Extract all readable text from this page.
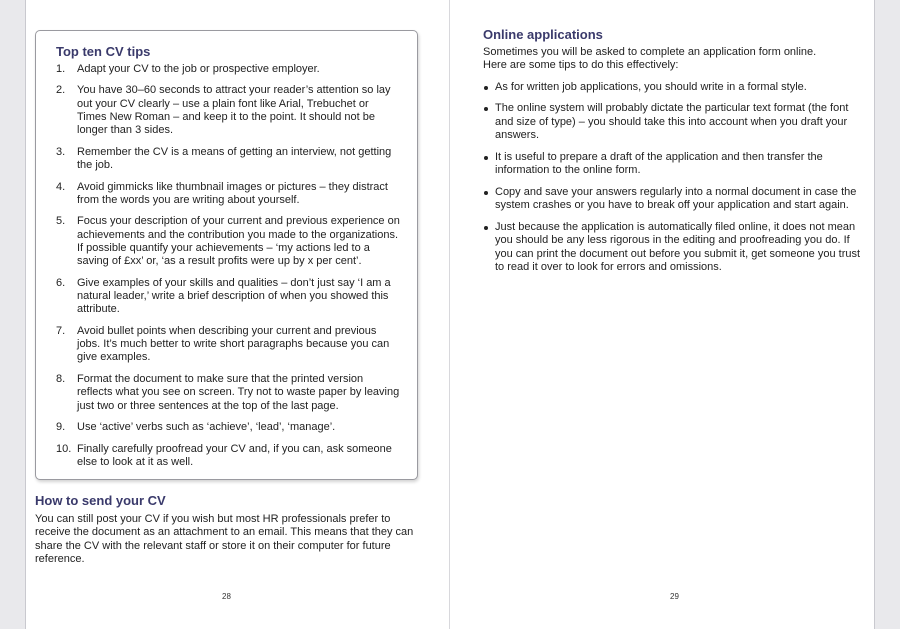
Top ten CV tips
1.	Adapt your CV to the job or prospective employer.
2.	You have 30–60 seconds to attract your reader’s attention so lay out your CV clearly – use a plain font like Arial, Trebuchet or Times New Roman – and keep it to the point. It should not be longer than 3 sides.
3.	Remember the CV is a means of getting an interview, not getting the job.
4.	Avoid gimmicks like thumbnail images or pictures – they distract from the words you are writing about yourself.
5.	Focus your description of your current and previous experience on achievements and the contribution you made to the organizations. If possible quantify your achievements – ‘my actions led to a saving of £xx’ or, ‘as a result profits were up by x per cent’.
6.	Give examples of your skills and qualities – don’t just say ‘I am a natural leader,’ write a brief description of when you showed this attribute.
7.	Avoid bullet points when describing your current and previous jobs. It’s much better to write short paragraphs because you can give examples.
8.	Format the document to make sure that the printed version reflects what you see on screen. Try not to waste paper by leaving just two or three sentences at the top of the last page.
9.	Use ‘active’ verbs such as ‘achieve’, ‘lead’, ‘manage’.
10. Finally carefully proofread your CV and, if you can, ask someone else to look at it as well.
How to send your CV

You can still post your CV if you wish but most HR professionals prefer to receive the document as an attachment to an email. This means that they can share the CV with the relevant staff or store it on their computer for future reference.

28
Online applications

Sometimes you will be asked to complete an application form online.
Here are some tips to do this effectively:

As for written job applications, you should write in a formal style.
The online system will probably dictate the particular text format (the font and size of type) – you should take this into account when you draft your answers.
It is useful to prepare a draft of the application and then transfer the information to the online form.
Copy and save your answers regularly into a normal document in case the system crashes or you have to break off your application and start again.
Just because the application is automatically filed online, it does not mean you should be any less rigorous in the editing and proofreading you do. If you can print the document out before you submit it, get someone you trust to read it over to look for errors and omissions.
29
